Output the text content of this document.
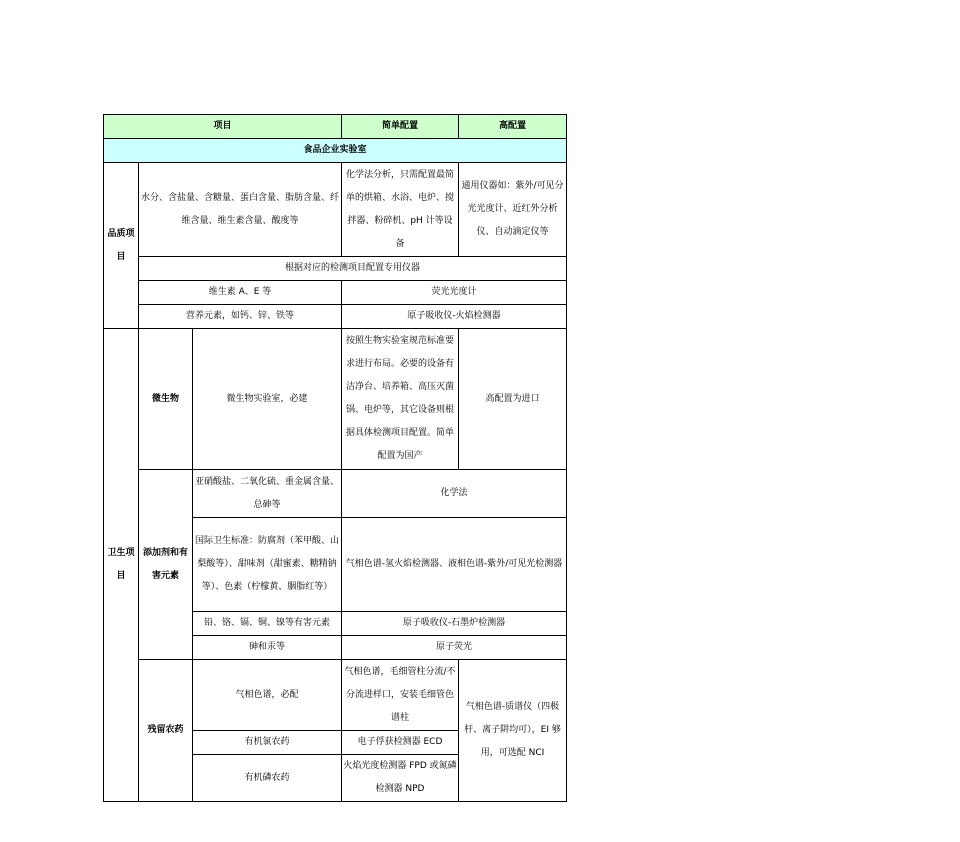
项目			简单配置	高配置
食品企业实验室				
品质项目	水分、含盐量、含糖量、蛋白含量、脂肪含量、纤维含量、维生素含量、酸度等		化学法分析，只需配置最简单的烘箱、水浴、电炉、搅拌器、粉碎机、pH 计等设备	通用仪器如：紫外/可见分光光度计、近红外分析仪、自动滴定仪等
	根据对应的检测项目配置专用仪器			
	维生素 A、E 等		荧光光度计	
	营养元素，如钙、锌、铁等		原子吸收仪-火焰检测器	
卫生项目	微生物	微生物实验室，必建	按照生物实验室规范标准要求进行布局。必要的设备有洁净台、培养箱、高压灭菌锅、电炉等，其它设备则根据具体检测项目配置。简单配置为国产	高配置为进口
	添加剂和有害元素	亚硝酸盐、二氧化硫、重金属含量、总砷等	化学法	
		国际卫生标准：防腐剂（苯甲酸、山梨酸等）、甜味剂（甜蜜素、糖精钠等）、色素（柠檬黄、胭脂红等）	气相色谱-氢火焰检测器、液相色谱-紫外/可见光检测器	
		铅、铬、镉、铜、镍等有害元素	原子吸收仪-石墨炉检测器	
		砷和汞等	原子荧光	
	残留农药	气相色谱，必配	气相色谱，毛细管柱分流/不分流进样口，安装毛细管色谱柱	气相色谱-质谱仪（四极杆、离子阱均可），EI 够用，可选配 NCI
		有机氯农药	电子俘获检测器 ECD	
		有机磷农药	火焰光度检测器 FPD 或氮磷检测器 NPD	
